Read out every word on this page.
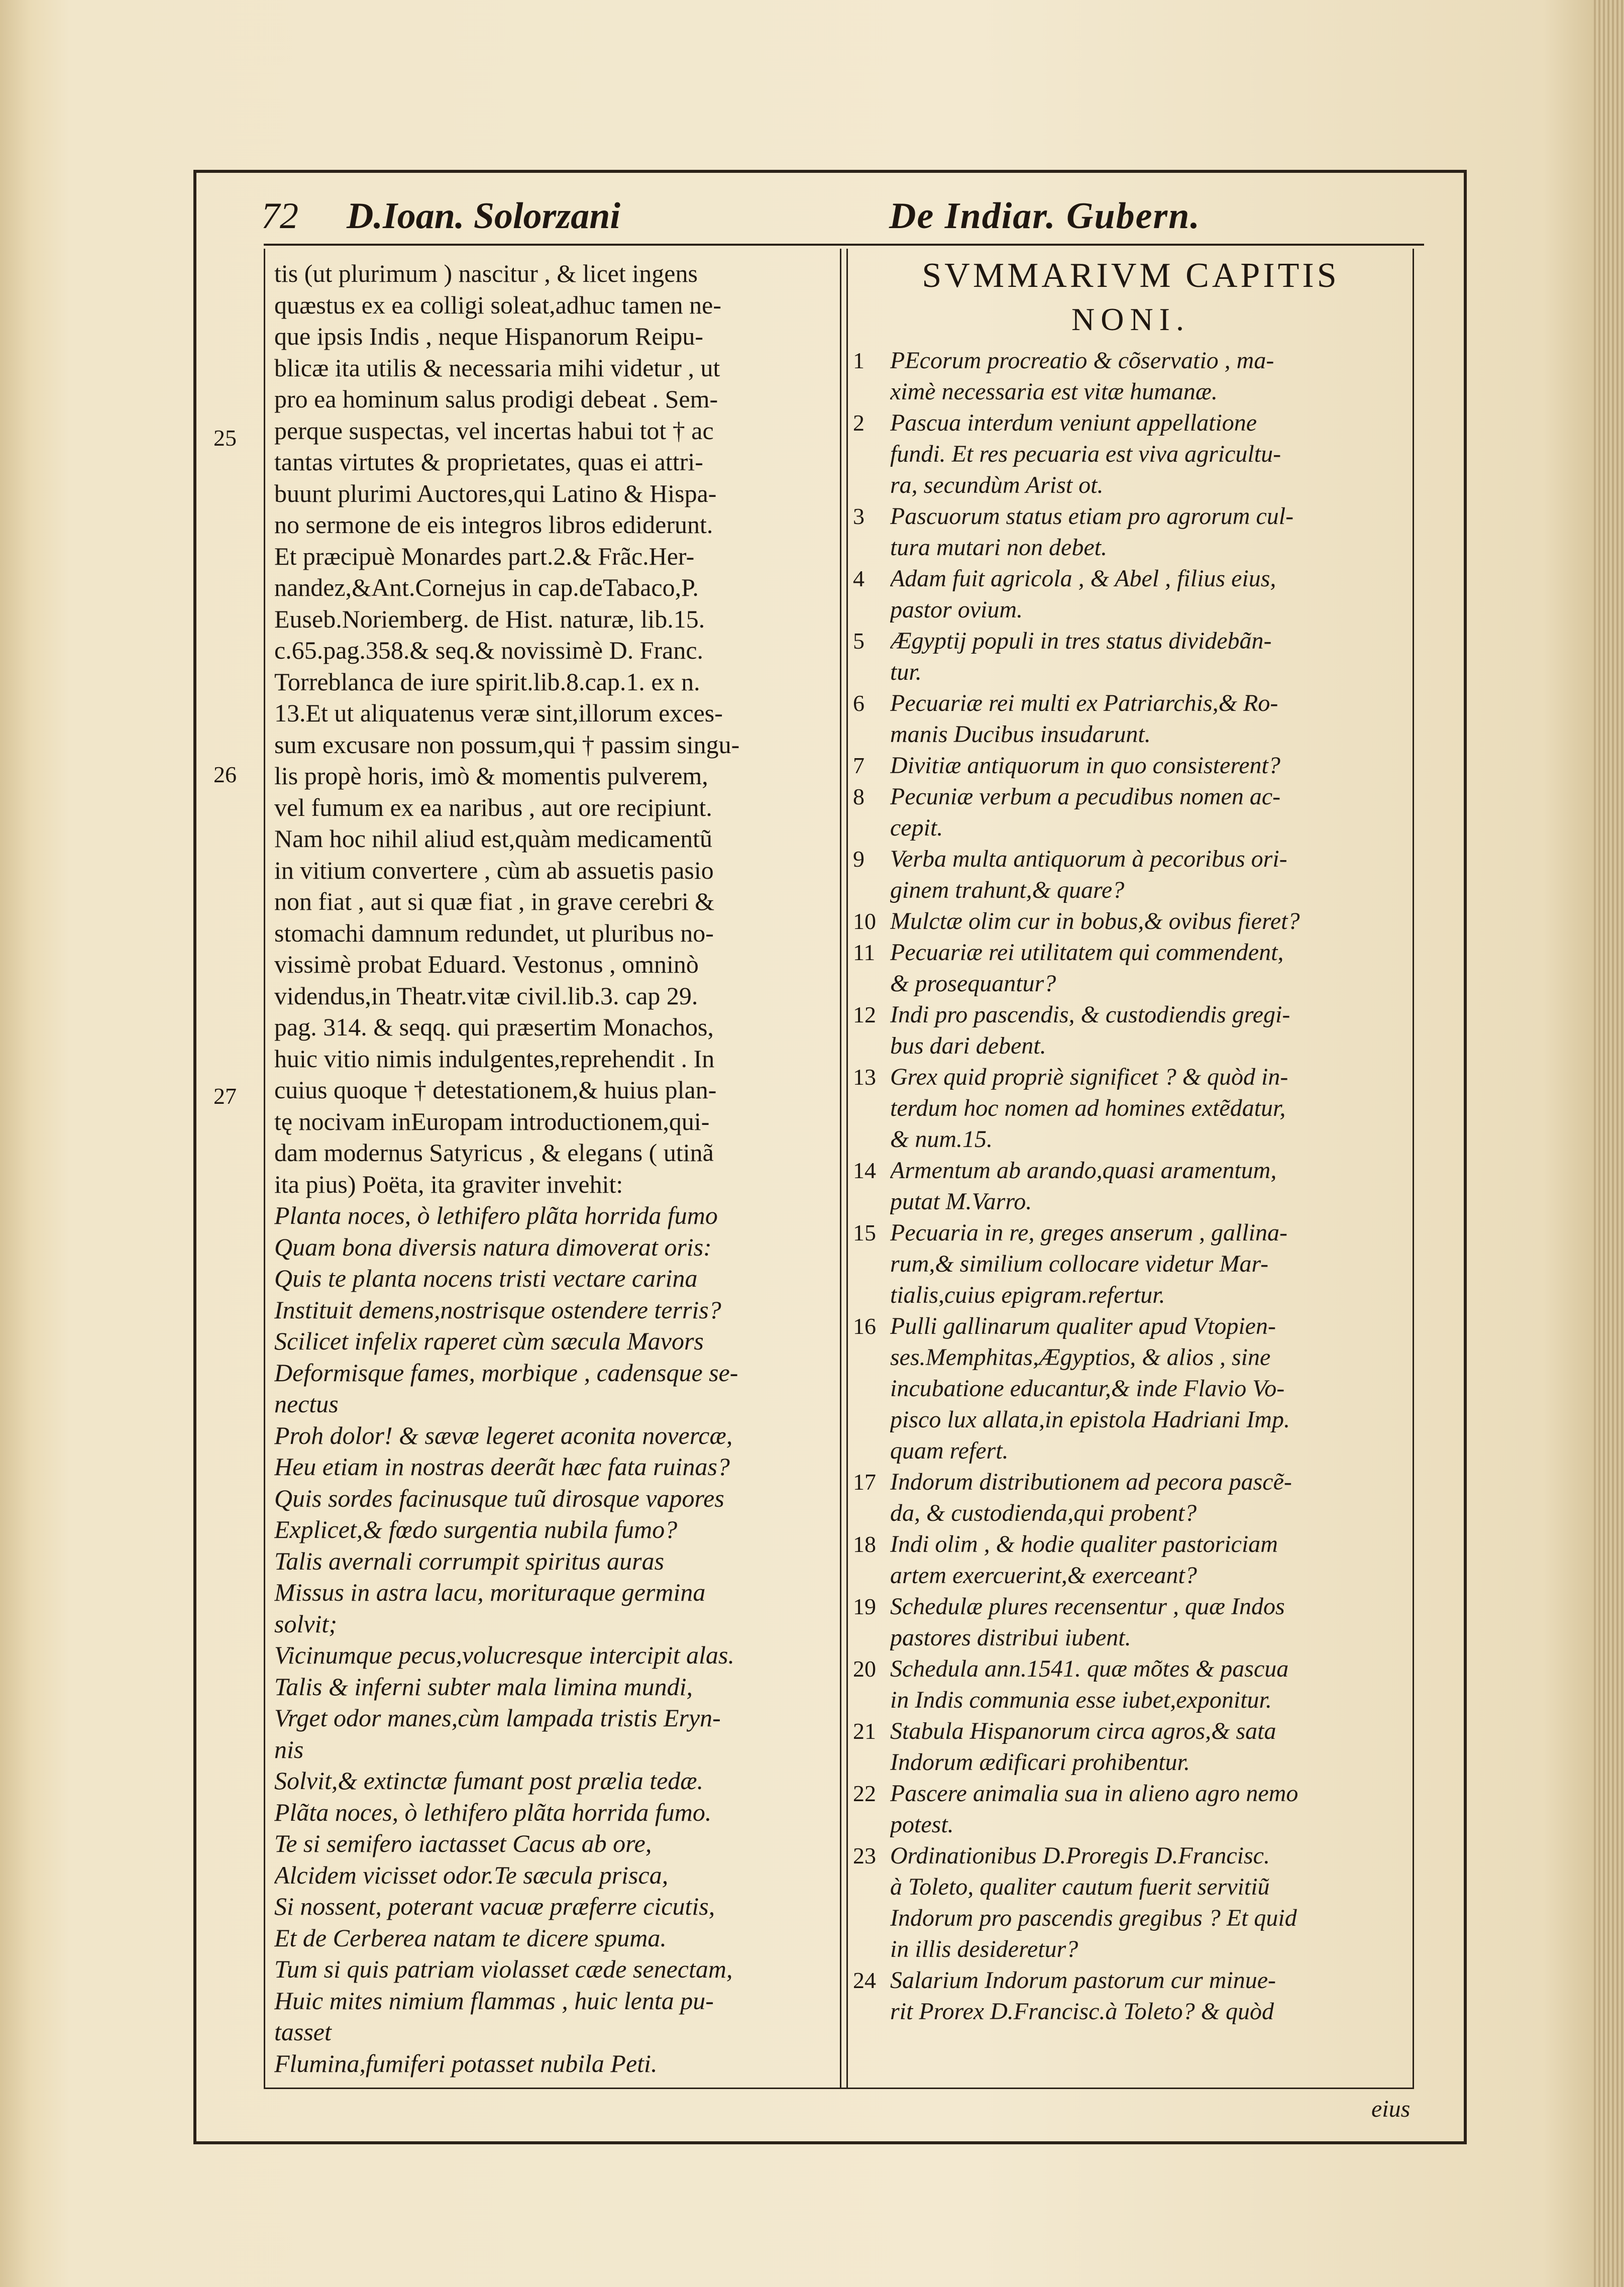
72	D.Ioan. Solorzani	De Indiar. Gubern.
25
26
27
tis (ut plurimum ) nascitur , & licet ingens
quæstus ex ea colligi soleat,adhuc tamen ne-
que ipsis Indis , neque Hispanorum Reipu-
blicæ ita utilis & necessaria mihi videtur , ut
pro ea hominum salus prodigi debeat . Sem-
perque suspectas, vel incertas habui tot † ac
tantas virtutes & proprietates, quas ei attri-
buunt plurimi Auctores,qui Latino & Hispa-
no sermone de eis integros libros ediderunt.
Et præcipuè Monardes part.2.& Frãc.Her-
nandez,&Ant.Cornejus in cap.deTabaco,P.
Euseb.Noriemberg. de Hist. naturæ, lib.15.
c.65.pag.358.& seq.& novissimè D. Franc.
Torreblanca de iure spirit.lib.8.cap.1. ex n.
13.Et ut aliquatenus veræ sint,illorum exces-
sum excusare non possum,qui † passim singu-
lis propè horis, imò & momentis pulverem,
vel fumum ex ea naribus , aut ore recipiunt.
Nam hoc nihil aliud est,quàm medicamentũ
in vitium convertere , cùm ab assuetis pasio
non fiat , aut si quæ fiat , in grave cerebri &
stomachi damnum redundet, ut pluribus no-
vissimè probat Eduard. Vestonus , omninò
videndus,in Theatr.vitæ civil.lib.3. cap 29.
pag. 314. & seqq. qui præsertim Monachos,
huic vitio nimis indulgentes,reprehendit . In
cuius quoque † detestationem,& huius plan-
tę nocivam inEuropam introductionem,qui-
dam modernus Satyricus , & elegans ( utinã
ita pius) Poëta, ita graviter invehit:
Planta noces, ò lethifero plãta horrida fumo
Quam bona diversis natura dimoverat oris:
Quis te planta nocens tristi vectare carina
Instituit demens,nostrisque ostendere terris?
Scilicet infelix raperet cùm sæcula Mavors
Deformisque fames, morbique , cadensque se-
nectus
Proh dolor! & sævæ legeret aconita novercæ,
Heu etiam in nostras deerãt hæc fata ruinas?
Quis sordes facinusque tuũ dirosque vapores
Explicet,& fœdo surgentia nubila fumo?
Talis avernali corrumpit spiritus auras
Missus in astra lacu, morituraque germina
solvit;
Vicinumque pecus,volucresque intercipit alas.
Talis & inferni subter mala limina mundi,
Vrget odor manes,cùm lampada tristis Eryn-
nis
Solvit,& extinctæ fumant post prælia tedæ.
Plãta noces, ò lethifero plãta horrida fumo.
Te si semifero iactasset Cacus ab ore,
Alcidem vicisset odor.Te sæcula prisca,
Si nossent, poterant vacuæ præferre cicutis,
Et de Cerberea natam te dicere spuma.
Tum si quis patriam violasset cæde senectam,
Huic mites nimium flammas , huic lenta pu-
tasset
Flumina,fumiferi potasset nubila Peti.

SVMMARIVM CAPITIS

NONI.

1	PEcorum procreatio & cõservatio , ma-
ximè necessaria est vitæ humanæ.
2	Pascua interdum veniunt appellatione
fundi. Et res pecuaria est viva agricultu-
ra, secundùm Arist ot.
3	Pascuorum status etiam pro agrorum cul-
tura mutari non debet.
4	Adam fuit agricola , & Abel , filius eius,
pastor ovium.
5	Ægyptij populi in tres status dividebãn-
tur.
6	Pecuariæ rei multi ex Patriarchis,& Ro-
manis Ducibus insudarunt.
7	Divitiæ antiquorum in quo consisterent?
8	Pecuniæ verbum a pecudibus nomen ac-
cepit.
9	Verba multa antiquorum à pecoribus ori-
ginem trahunt,& quare?
10 Mulctæ olim cur in bobus,& ovibus fieret?
11 Pecuariæ rei utilitatem qui commendent,
& prosequantur?
12 Indi pro pascendis, & custodiendis gregi-
bus dari debent.
13 Grex quid propriè significet ? & quòd in-
terdum hoc nomen ad homines extẽdatur,
& num.15.
14 Armentum ab arando,quasi aramentum,
putat M.Varro.
15 Pecuaria in re, greges anserum , gallina-
rum,& similium collocare videtur Mar-
tialis,cuius epigram.refertur.
16 Pulli gallinarum qualiter apud Vtopien-
ses.Memphitas,Ægyptios, & alios , sine
incubatione educantur,& inde Flavio Vo-
pisco lux allata,in epistola Hadriani Imp.
quam refert.
17 Indorum distributionem ad pecora pascẽ-
da, & custodienda,qui probent?
18 Indi olim , & hodie qualiter pastoriciam
artem exercuerint,& exerceant?
19 Schedulæ plures recensentur , quæ Indos
pastores distribui iubent.
20 Schedula ann.1541. quæ mõtes & pascua
in Indis communia esse iubet,exponitur.
21 Stabula Hispanorum circa agros,& sata
Indorum ædificari prohibentur.
22 Pascere animalia sua in alieno agro nemo
potest.
23 Ordinationibus D.Proregis D.Francisc.
à Toleto, qualiter cautum fuerit servitiũ
Indorum pro pascendis gregibus ? Et quid
in illis desideretur?
24 Salarium Indorum pastorum cur minue-
rit Prorex D.Francisc.à Toleto? & quòd
eius
